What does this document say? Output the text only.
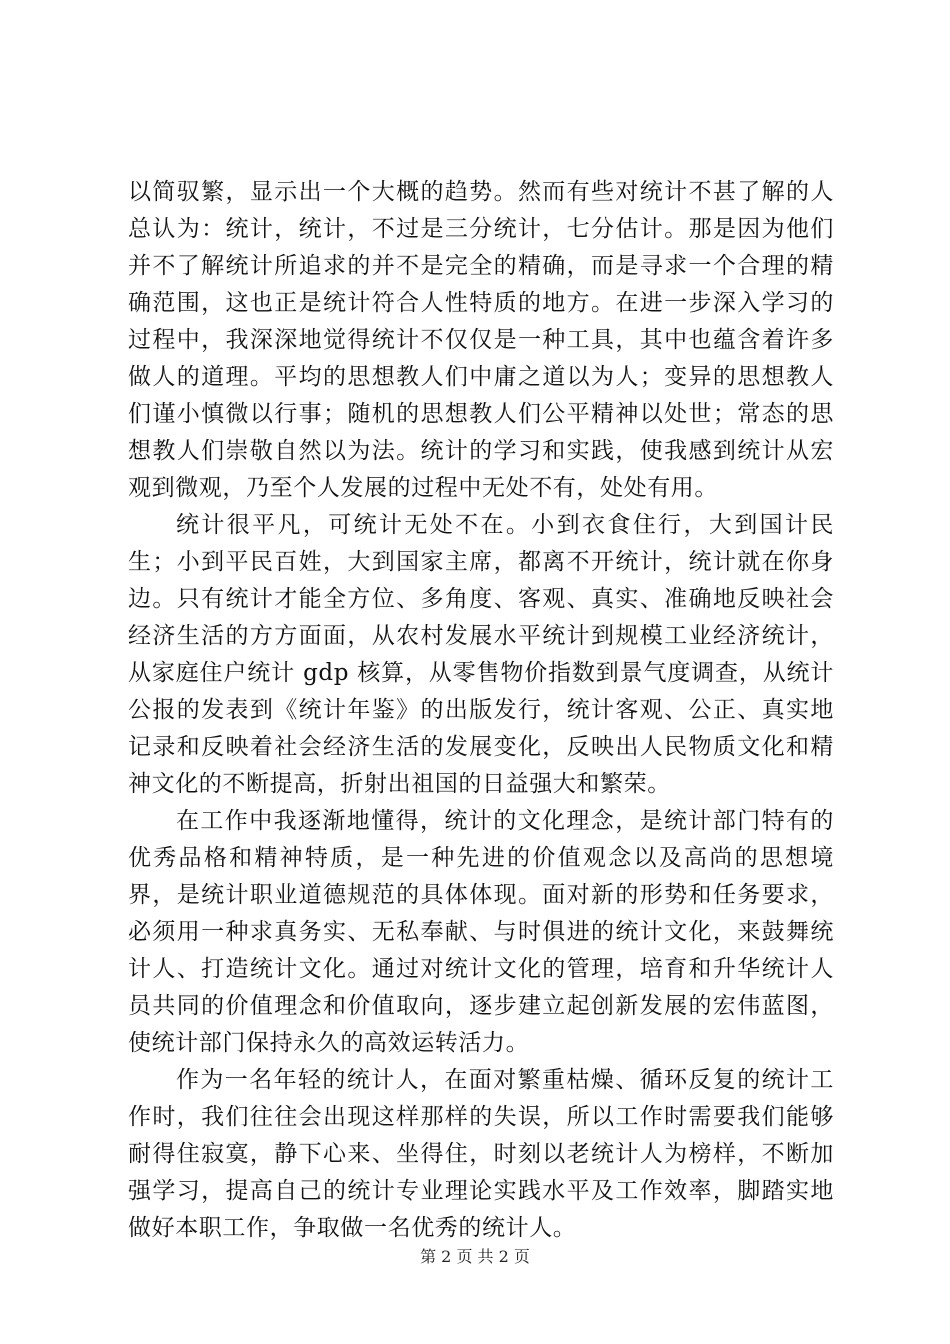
以简驭繁，显示出一个大概的趋势。然而有些对统计不甚了解的人总认为：统计，统计，不过是三分统计，七分估计。那是因为他们并不了解统计所追求的并不是完全的精确，而是寻求一个合理的精确范围，这也正是统计符合人性特质的地方。在进一步深入学习的过程中，我深深地觉得统计不仅仅是一种工具，其中也蕴含着许多做人的道理。平均的思想教人们中庸之道以为人；变异的思想教人们谨小慎微以行事；随机的思想教人们公平精神以处世；常态的思想教人们崇敬自然以为法。统计的学习和实践，使我感到统计从宏观到微观，乃至个人发展的过程中无处不有，处处有用。

统计很平凡，可统计无处不在。小到衣食住行，大到国计民生；小到平民百姓，大到国家主席，都离不开统计，统计就在你身边。只有统计才能全方位、多角度、客观、真实、准确地反映社会经济生活的方方面面，从农村发展水平统计到规模工业经济统计，从家庭住户统计 gdp 核算，从零售物价指数到景气度调查，从统计公报的发表到《统计年鉴》的出版发行，统计客观、公正、真实地记录和反映着社会经济生活的发展变化，反映出人民物质文化和精神文化的不断提高，折射出祖国的日益强大和繁荣。

在工作中我逐渐地懂得，统计的文化理念，是统计部门特有的优秀品格和精神特质，是一种先进的价值观念以及高尚的思想境界，是统计职业道德规范的具体体现。面对新的形势和任务要求，必须用一种求真务实、无私奉献、与时俱进的统计文化，来鼓舞统计人、打造统计文化。通过对统计文化的管理，培育和升华统计人员共同的价值理念和价值取向，逐步建立起创新发展的宏伟蓝图，使统计部门保持永久的高效运转活力。

作为一名年轻的统计人，在面对繁重枯燥、循环反复的统计工作时，我们往往会出现这样那样的失误，所以工作时需要我们能够耐得住寂寞，静下心来、坐得住，时刻以老统计人为榜样，不断加强学习，提高自己的统计专业理论实践水平及工作效率，脚踏实地做好本职工作，争取做一名优秀的统计人。

第 2 页 共 2 页
